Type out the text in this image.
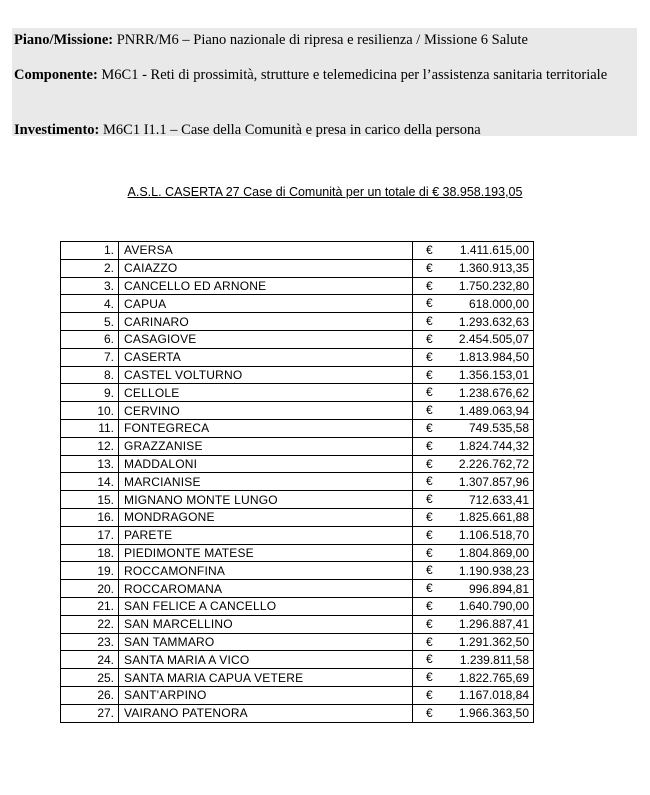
Piano/Missione: PNRR/M6 – Piano nazionale di ripresa e resilienza / Missione 6 Salute
Componente: M6C1 - Reti di prossimità, strutture e telemedicina per l’assistenza sanitaria territoriale
Investimento: M6C1 I1.1 – Case della Comunità e presa in carico della persona
A.S.L. CASERTA 27 Case di Comunità per un totale di € 38.958.193,05
1.	AVERSA	€ 1.411.615,00

2.	CAIAZZO	€ 1.360.913,35

3.	CANCELLO ED ARNONE	€ 1.750.232,80

4.	CAPUA	€ 618.000,00

5.	CARINARO	€ 1.293.632,63

6.	CASAGIOVE	€ 2.454.505,07

7.	CASERTA	€ 1.813.984,50

8.	CASTEL VOLTURNO	€ 1.356.153,01

9.	CELLOLE	€ 1.238.676,62

10.	CERVINO	€ 1.489.063,94

11.	FONTEGRECA	€ 749.535,58

12.	GRAZZANISE	€ 1.824.744,32

13.	MADDALONI	€ 2.226.762,72

14.	MARCIANISE	€ 1.307.857,96

15.	MIGNANO MONTE LUNGO	€ 712.633,41

16.	MONDRAGONE	€ 1.825.661,88

17.	PARETE	€ 1.106.518,70

18.	PIEDIMONTE MATESE	€ 1.804.869,00

19.	ROCCAMONFINA	€ 1.190.938,23

20.	ROCCAROMANA	€ 996.894,81

21.	SAN FELICE A CANCELLO	€ 1.640.790,00

22.	SAN MARCELLINO	€ 1.296.887,41

23.	SAN TAMMARO	€ 1.291.362,50

24.	SANTA MARIA A VICO	€ 1.239.811,58

25.	SANTA MARIA CAPUA VETERE	€ 1.822.765,69

26.	SANT'ARPINO	€ 1.167.018,84

27.	VAIRANO PATENORA	€ 1.966.363,50
